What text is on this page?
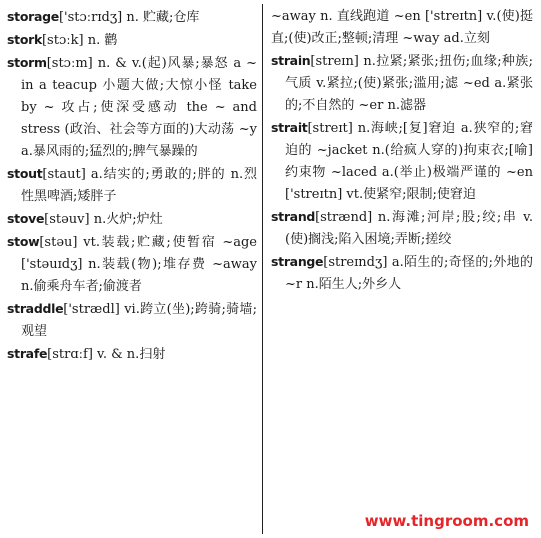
storage['stɔːrɪdʒ] n. 贮藏;仓库

stork[stɔːk] n. 鹳

storm[stɔːm] n. & v.(起)风暴;暴怒 a ~ in a teacup 小题大做;大惊小怪 take by ~ 攻占;使深受感动 the ~ and stress (政治、社会等方面的)大动荡 ~y a.暴风雨的;猛烈的;脾气暴躁的

stout[staut] a.结实的;勇敢的;胖的 n.烈性黑啤酒;矮胖子

stove[stəuv] n.火炉;炉灶

stow[stəu] vt.装载;贮藏;使暂宿 ~age ['stəuɪdʒ] n.装载(物);堆存费 ~away n.偷乘舟车者;偷渡者

straddle['strædl] vi.跨立(坐);跨骑;骑墙;观望

strafe[strɑːf] v. & n.扫射

~away n. 直线跑道 ~en ['streɪtn] v.(使)挺直;(使)改正;整顿;清理 ~way ad.立刻

strain[streɪn] n.拉紧;紧张;扭伤;血缘;种族;气质 v.紧拉;(使)紧张;滥用;滤 ~ed a.紧张的;不自然的 ~er n.滤器

strait[streɪt] n.海峡;[复]窘迫 a.狭窄的;窘迫的 ~jacket n.(给疯人穿的)拘束衣;[喻]约束物 ~laced a.(举止)极端严谨的 ~en ['streɪtn] vt.使紧窄;限制;使窘迫

strand[strænd] n.海滩;河岸;股;绞;串 v.(使)搁浅;陷入困境;弄断;搓绞

strange[streɪndʒ] a.陌生的;奇怪的;外地的 ~r n.陌生人;外乡人

www.tingroom.com
